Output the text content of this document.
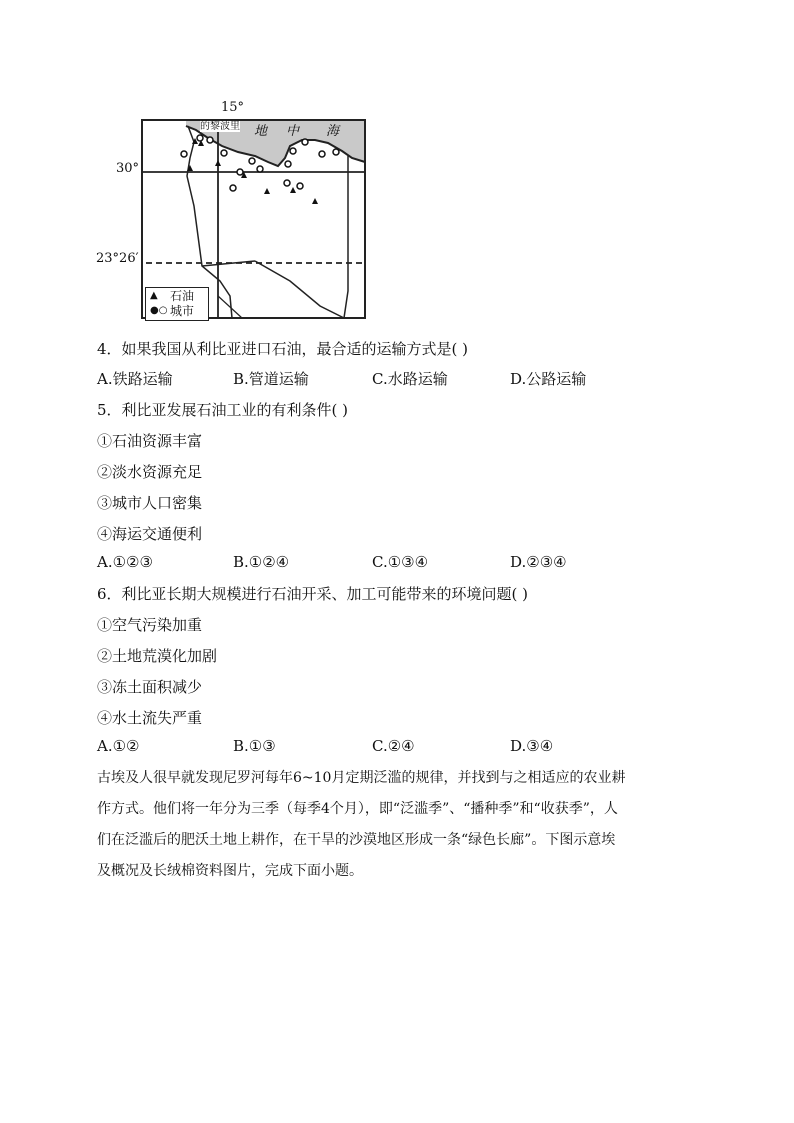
15°
30°
23°26′
的黎波里 地 中 海
▲	石油
●○ 城市
4．如果我国从利比亚进口石油，最合适的运输方式是( )
A.铁路运输	B.管道运输	C.水路运输	D.公路运输
5．利比亚发展石油工业的有利条件( )
①石油资源丰富
②淡水资源充足
③城市人口密集
④海运交通便利
A.①②③	B.①②④	C.①③④	D.②③④
6．利比亚长期大规模进行石油开采、加工可能带来的环境问题( )
①空气污染加重
②土地荒漠化加剧
③冻土面积减少
④水土流失严重
A.①②	B.①③	C.②④	D.③④
古埃及人很早就发现尼罗河每年6~10月定期泛滥的规律，并找到与之相适应的农业耕
作方式。他们将一年分为三季（每季4个月），即“泛滥季”、“播种季”和“收获季”，人
们在泛滥后的肥沃土地上耕作，在干旱的沙漠地区形成一条“绿色长廊”。下图示意埃
及概况及长绒棉资料图片，完成下面小题。
